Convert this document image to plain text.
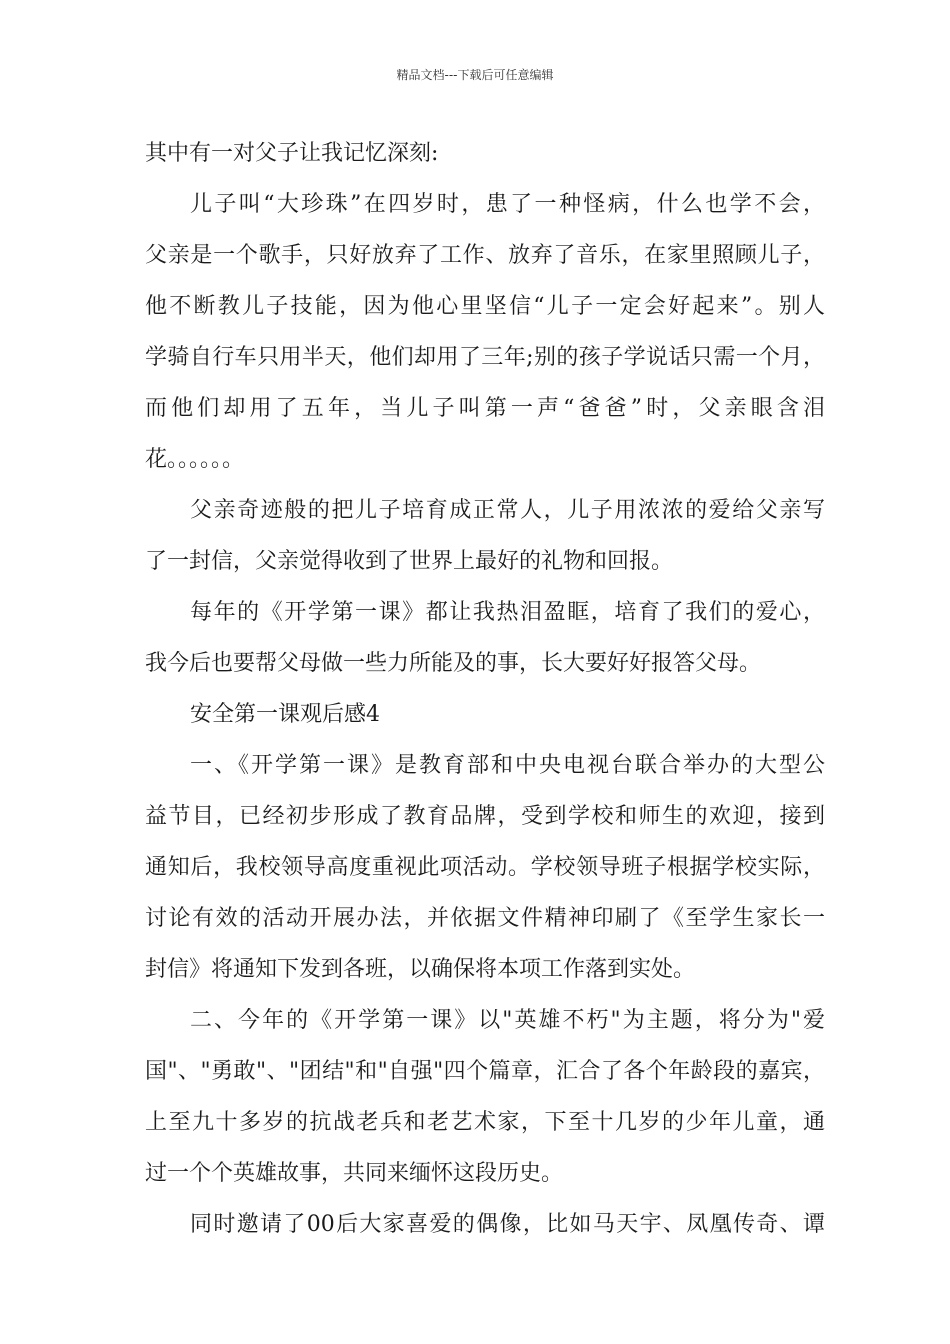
精品文档---下载后可任意编辑
其中有一对父子让我记忆深刻:
儿子叫“大珍珠”在四岁时，患了一种怪病，什么也学不会，
父亲是一个歌手，只好放弃了工作、放弃了音乐，在家里照顾儿子，
他不断教儿子技能，因为他心里坚信“儿子一定会好起来”。别人
学骑自行车只用半天，他们却用了三年;别的孩子学说话只需一个月，
而他们却用了五年，当儿子叫第一声“爸爸”时，父亲眼含泪
花。。。。。。
父亲奇迹般的把儿子培育成正常人，儿子用浓浓的爱给父亲写
了一封信，父亲觉得收到了世界上最好的礼物和回报。
每年的《开学第一课》都让我热泪盈眶，培育了我们的爱心，
我今后也要帮父母做一些力所能及的事，长大要好好报答父母。
安全第一课观后感4
一、《开学第一课》是教育部和中央电视台联合举办的大型公
益节目，已经初步形成了教育品牌，受到学校和师生的欢迎，接到
通知后，我校领导高度重视此项活动。学校领导班子根据学校实际，
讨论有效的活动开展办法，并依据文件精神印刷了《至学生家长一
封信》将通知下发到各班，以确保将本项工作落到实处。
二、今年的《开学第一课》以"英雄不朽"为主题，将分为"爱
国"、"勇敢"、"团结"和"自强"四个篇章，汇合了各个年龄段的嘉宾，
上至九十多岁的抗战老兵和老艺术家，下至十几岁的少年儿童，通
过一个个英雄故事，共同来缅怀这段历史。
同时邀请了00后大家喜爱的偶像，比如马天宇、凤凰传奇、谭
